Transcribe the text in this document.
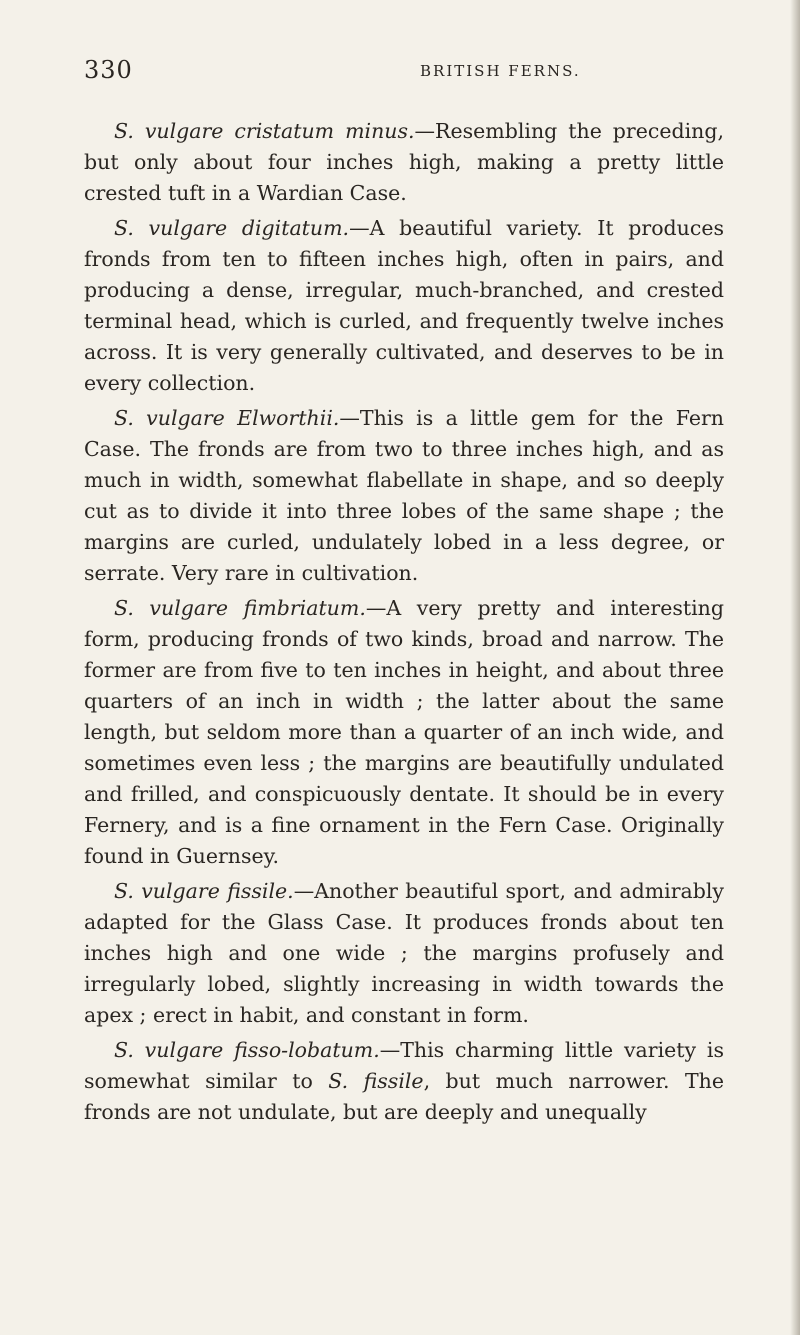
330	BRITISH FERNS.

S. vulgare cristatum minus.—Resembling the preceding, but only about four inches high, making a pretty little crested tuft in a Wardian Case.

S. vulgare digitatum.—A beautiful variety. It produces fronds from ten to fifteen inches high, often in pairs, and producing a dense, irregular, much-branched, and crested terminal head, which is curled, and frequently twelve inches across. It is very generally cultivated, and deserves to be in every collection.

S. vulgare Elworthii.—This is a little gem for the Fern Case. The fronds are from two to three inches high, and as much in width, somewhat flabellate in shape, and so deeply cut as to divide it into three lobes of the same shape ; the margins are curled, undulately lobed in a less degree, or serrate. Very rare in cultivation.

S. vulgare fimbriatum.—A very pretty and interesting form, producing fronds of two kinds, broad and narrow. The former are from five to ten inches in height, and about three quarters of an inch in width ; the latter about the same length, but seldom more than a quarter of an inch wide, and sometimes even less ; the margins are beautifully undulated and frilled, and conspicuously dentate. It should be in every Fernery, and is a fine ornament in the Fern Case. Originally found in Guernsey.

S. vulgare fissile.—Another beautiful sport, and admirably adapted for the Glass Case. It produces fronds about ten inches high and one wide ; the margins profusely and irregularly lobed, slightly increasing in width towards the apex ; erect in habit, and constant in form.

S. vulgare fisso-lobatum.—This charming little variety is somewhat similar to S. fissile, but much narrower. The fronds are not undulate, but are deeply and unequally
